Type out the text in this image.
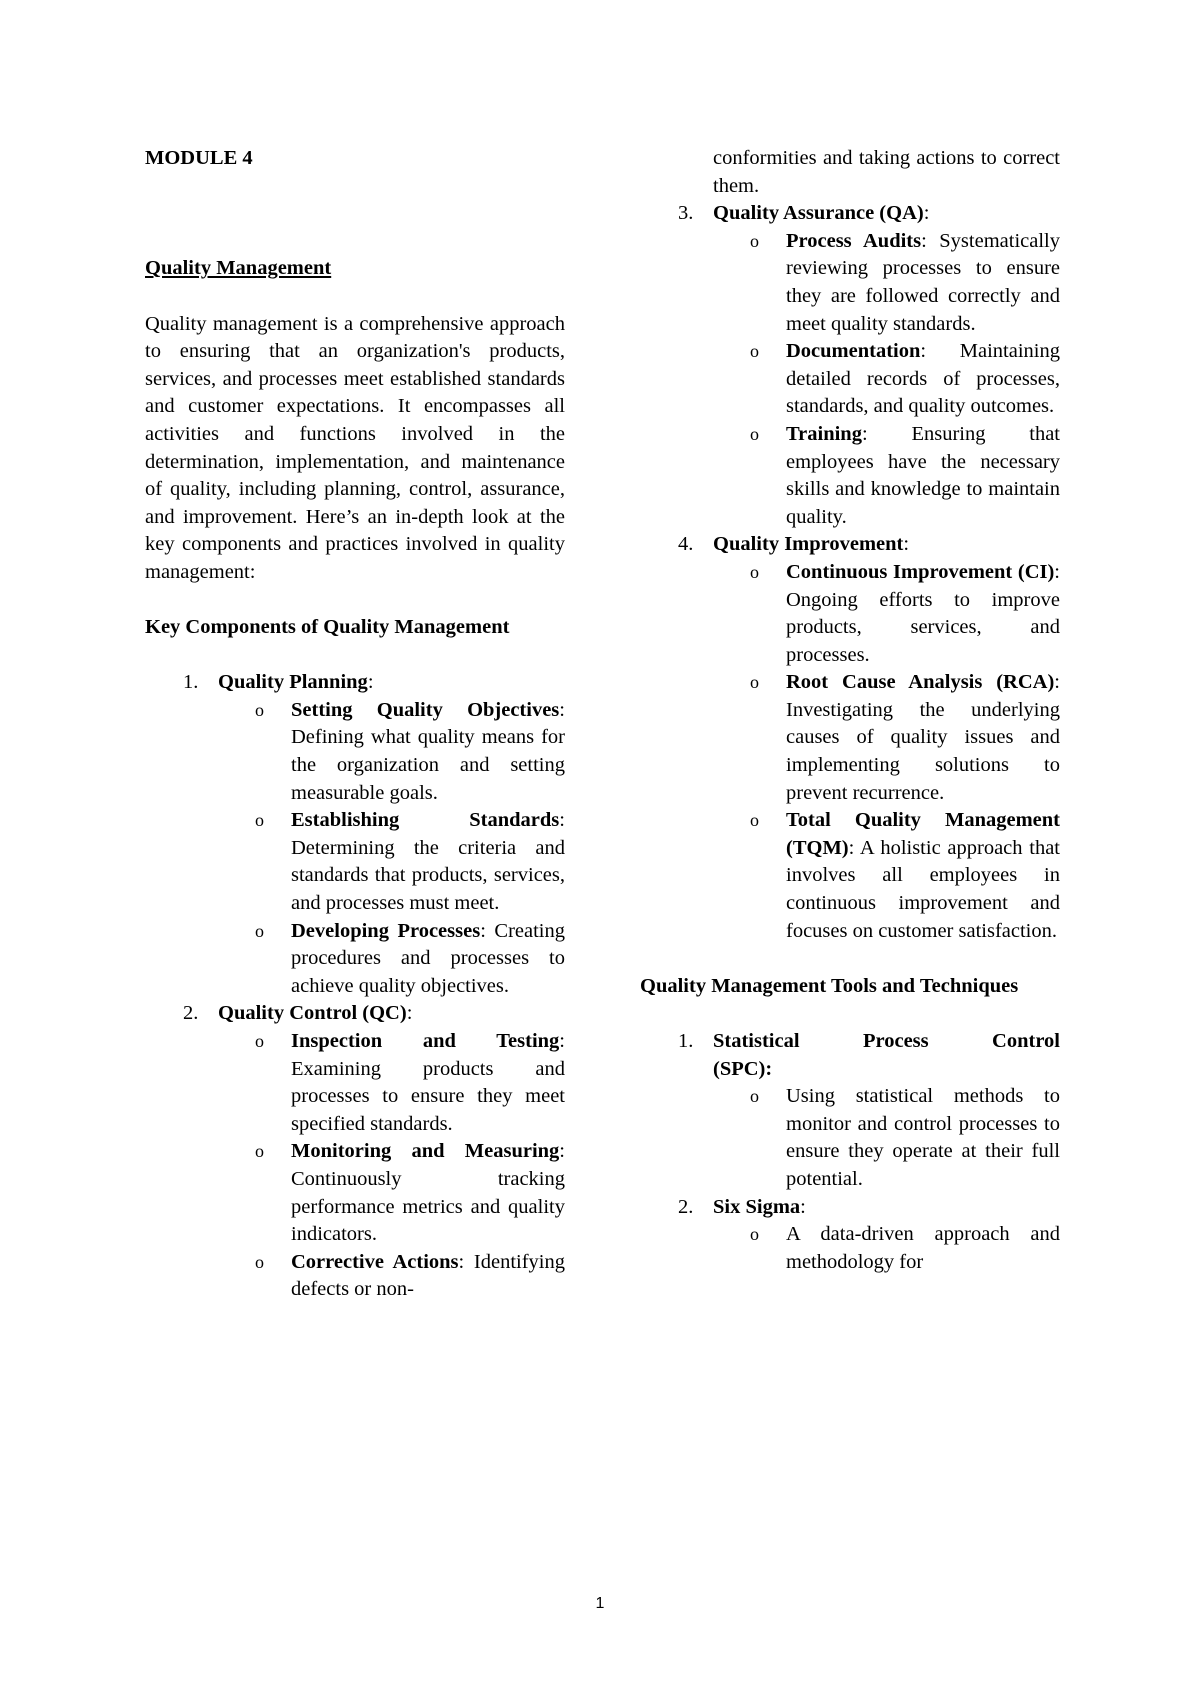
MODULE 4

Quality Management

Quality management is a comprehensive approach to ensuring that an organization's products, services, and processes meet established standards and customer expectations. It encompasses all activities and functions involved in the determination, implementation, and maintenance of quality, including planning, control, assurance, and improvement. Here’s an in-depth look at the key components and practices involved in quality management:

Key Components of Quality Management

1. Quality Planning:
o Setting Quality Objectives: Defining what quality means for the organization and setting measurable goals.
o Establishing Standards: Determining the criteria and standards that products, services, and processes must meet.
o Developing Processes: Creating procedures and processes to achieve quality objectives.
2. Quality Control (QC):
o Inspection and Testing: Examining products and processes to ensure they meet specified standards.
o Monitoring and Measuring: Continuously tracking performance metrics and quality indicators.
o Corrective Actions: Identifying defects or non-

conformities and taking actions to correct them.

3. Quality Assurance (QA):
o Process Audits: Systematically reviewing processes to ensure they are followed correctly and meet quality standards.
o Documentation: Maintaining detailed records of processes, standards, and quality outcomes.
o Training: Ensuring that employees have the necessary skills and knowledge to maintain quality.
4. Quality Improvement:
o Continuous Improvement (CI): Ongoing efforts to improve products, services, and processes.
o Root Cause Analysis (RCA): Investigating the underlying causes of quality issues and implementing solutions to prevent recurrence.
o Total Quality Management (TQM): A holistic approach that involves all employees in continuous improvement and focuses on customer satisfaction.

Quality Management Tools and Techniques

1. Statistical Process Control
(SPC):
o Using statistical methods to monitor and control processes to ensure they operate at their full potential.
2. Six Sigma:
o A data-driven approach and methodology for
1
